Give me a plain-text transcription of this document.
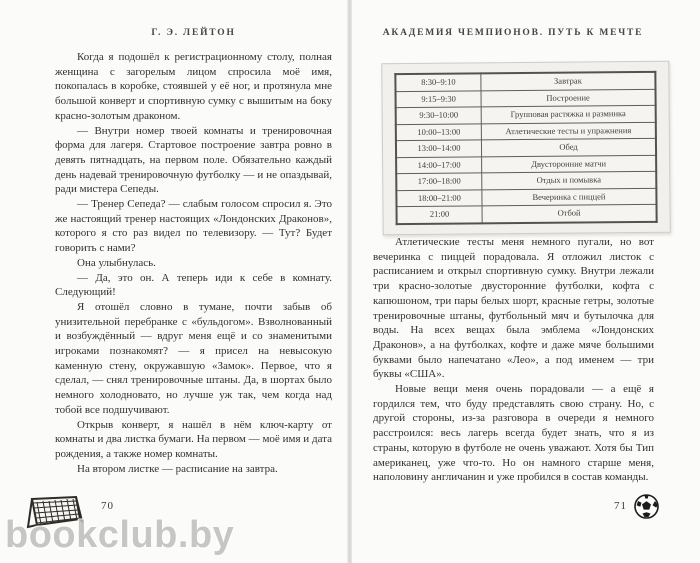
Г. Э. ЛЕЙТОН

Когда я подошёл к регистрационному столу, полная женщина с загорелым лицом спросила моё имя, покопалась в коробке, стоявшей у её ног, и протянула мне большой конверт и спортивную сумку с вышитым на боку красно-золотым драконом.

— Внутри номер твоей комнаты и тренировочная форма для лагеря. Стартовое построение завтра ровно в девять пятнадцать, на первом поле. Обязательно каждый день надевай тренировочную футболку — и не опаздывай, ради мистера Сепеды.

— Тренер Сепеда? — слабым голосом спросил я. Это же настоящий тренер настоящих «Лондонских Драконов», которого я сто раз видел по телевизору. — Тут? Будет говорить с нами?

Она улыбнулась.

— Да, это он. А теперь иди к себе в комнату. Следующий!

Я отошёл словно в тумане, почти забыв об унизительной перебранке с «бульдогом». Взволнованный и возбуждённый — вдруг меня ещё и со знаменитыми игроками познакомят? — я присел на невысокую каменную стену, окружавшую «Замок». Первое, что я сделал, — снял тренировочные штаны. Да, в шортах было немного холодновато, но лучше уж так, чем когда над тобой все подшучивают.

Открыв конверт, я нашёл в нём ключ-карту от комнаты и два листка бумаги. На первом — моё имя и дата рождения, а также номер комнаты.

На втором листке — расписание на завтра.

70
АКАДЕМИЯ ЧЕМПИОНОВ. ПУТЬ К МЕЧТЕ
8:30–9:10	Завтрак
9:15–9:30	Построение
9:30–10:00	Групповая растяжка и разминка
10:00–13:00	Атлетические тесты и упражнения
13:00–14:00	Обед
14:00–17:00	Двусторонние матчи
17:00–18:00	Отдых и помывка
18:00–21:00	Вечеринка с пиццей
21:00	Отбой

Атлетические тесты меня немного пугали, но вот вечеринка с пиццей порадовала. Я отложил листок с расписанием и открыл спортивную сумку. Внутри лежали три красно-золотые двусторонние футболки, кофта с капюшоном, три пары белых шорт, красные гетры, золотые тренировочные штаны, футбольный мяч и бутылочка для воды. На всех вещах была эмблема «Лондонских Драконов», а на футболках, кофте и даже мяче большими буквами было напечатано «Лео», а под именем — три буквы «США».

Новые вещи меня очень порадовали — а ещё я гордился тем, что буду представлять свою страну. Но, с другой стороны, из-за разговора в очереди я немного расстроился: весь лагерь всегда будет знать, что я из страны, которую в футболе не очень уважают. Хотя бы Тип американец, уже что-то. Но он намного старше меня, наполовину англичанин и уже пробился в состав команды.

71
bookclub.by
